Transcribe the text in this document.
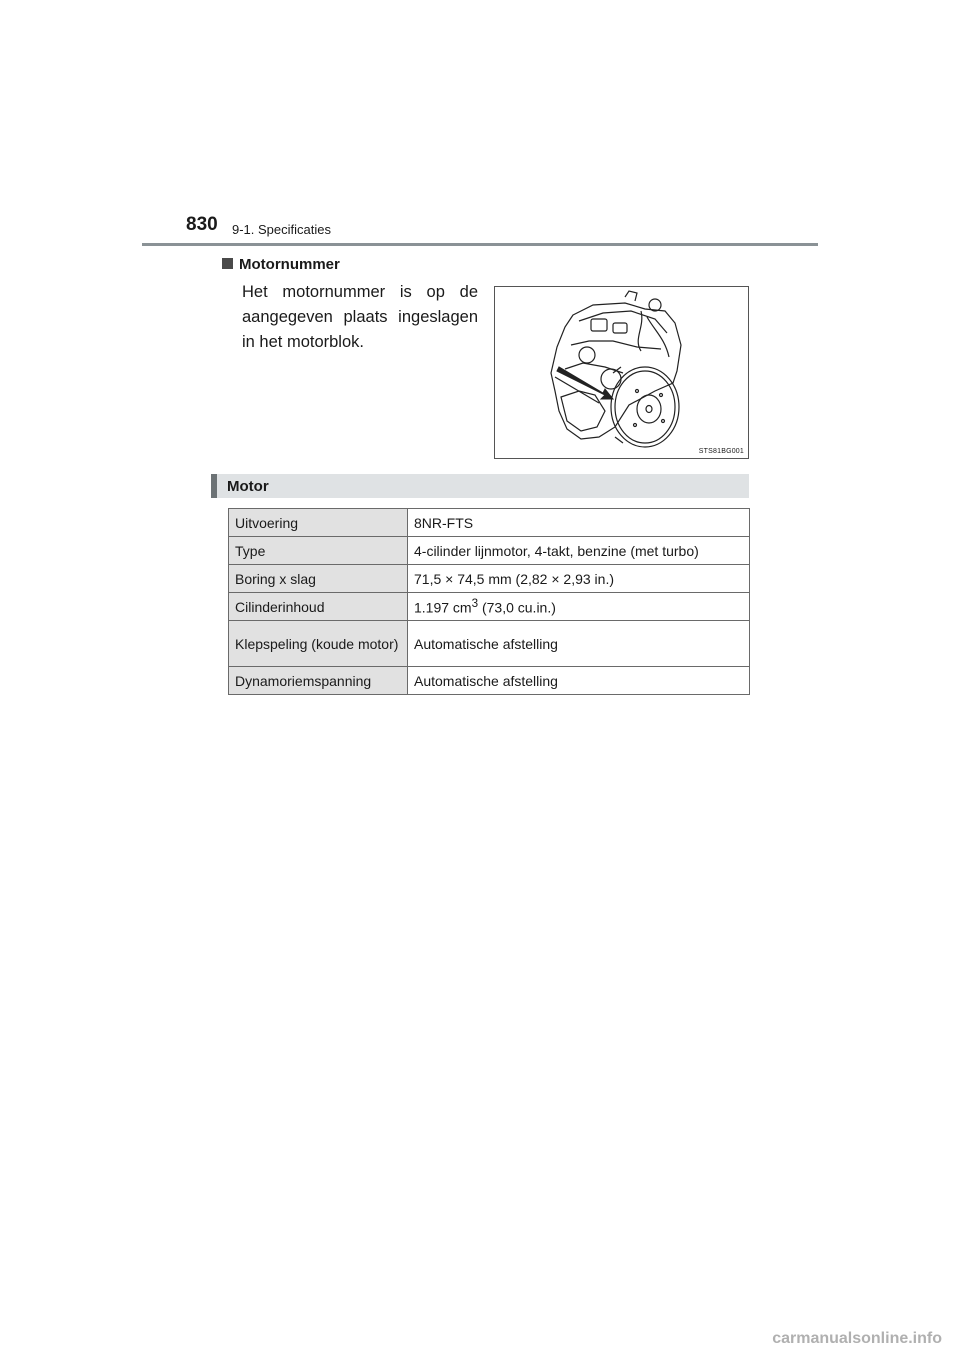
830 9-1. Specificaties
Motornummer
Het motornummer is op de aangegeven plaats ingeslagen in het motorblok.
STS81BG001
Motor
Uitvoering	8NR-FTS
Type	4-cilinder lijnmotor, 4-takt, benzine (met turbo)
Boring x slag	71,5 × 74,5 mm (2,82 × 2,93 in.)
Cilinderinhoud	1.197 $cm^3$ (73,0 cu.in.)
Klepspeling (koude motor)	Automatische afstelling
Dynamoriemspanning	Automatische afstelling
carmanualsonline.info
